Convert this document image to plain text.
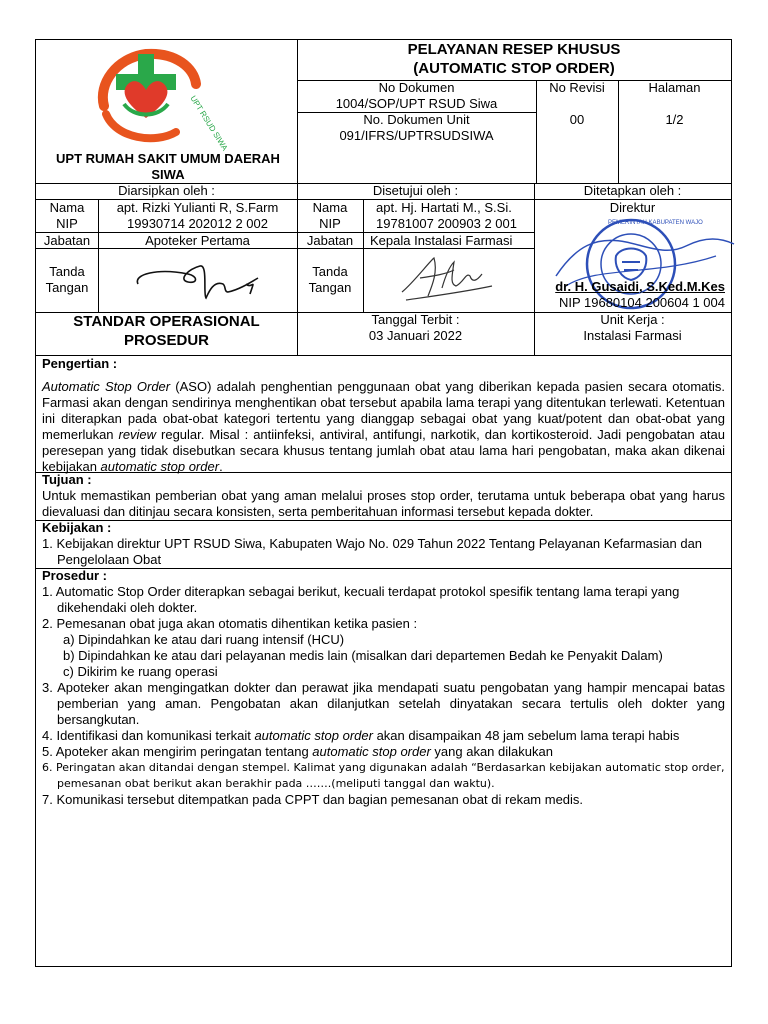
UPT RSUD SIWA
UPT RUMAH SAKIT UMUM DAERAH SIWA
PELAYANAN RESEP KHUSUS
(AUTOMATIC STOP ORDER)
No Dokumen
1004/SOP/UPT RSUD Siwa
No. Dokumen Unit
091/IFRS/UPTRSUDSIWA
No Revisi
00
Halaman
1/2
Diarsipkan oleh :	Disetujui oleh :	Ditetapkan oleh :
Nama
NIP
Jabatan
Tanda
Tangan
apt. Rizki Yulianti R, S.Farm
19930714 202012 2 002
Apoteker Pertama
Nama
NIP
Jabatan
Tanda
Tangan
apt. Hj. Hartati M., S.Si.
19781007 200903 2 001
Kepala Instalasi Farmasi
Direktur
PEMERINTAH KABUPATEN WAJO
dr. H. Gusaidi, S.Ked.M.Kes
NIP 19680104 200604 1 004
STANDAR OPERASIONAL
PROSEDUR
Tanggal Terbit :
03 Januari 2022
Unit Kerja :
Instalasi Farmasi
Pengertian :
Automatic Stop Order (ASO) adalah penghentian penggunaan obat yang diberikan kepada pasien secara otomatis. Farmasi akan dengan sendirinya menghentikan obat tersebut apabila lama terapi yang ditentukan terlewati. Ketentuan ini diterapkan pada obat-obat kategori tertentu yang dianggap sebagai obat yang kuat/potent dan obat-obat yang memerlukan review regular. Misal : antiinfeksi, antiviral, antifungi, narkotik, dan kortikosteroid. Jadi pengobatan atau peresepan yang tidak disebutkan secara khusus tentang jumlah obat atau lama hari pengobatan, maka akan dikenai kebijakan automatic stop order.
Tujuan :
Untuk memastikan pemberian obat yang aman melalui proses stop order, terutama untuk beberapa obat yang harus dievaluasi dan ditinjau secara konsisten, serta pemberitahuan informasi tersebut kepada dokter.
Kebijakan :
1. Kebijakan direktur UPT RSUD Siwa, Kabupaten Wajo No. 029 Tahun 2022 Tentang Pelayanan Kefarmasian dan Pengelolaan Obat
Prosedur :
1. Automatic Stop Order diterapkan sebagai berikut, kecuali terdapat protokol spesifik tentang lama terapi yang dikehendaki oleh dokter.
2. Pemesanan obat juga akan otomatis dihentikan ketika pasien :
a) Dipindahkan ke atau dari ruang intensif (HCU)
b) Dipindahkan ke atau dari pelayanan medis lain (misalkan dari departemen Bedah ke Penyakit Dalam)
c) Dikirim ke ruang operasi
3. Apoteker akan mengingatkan dokter dan perawat jika mendapati suatu pengobatan yang hampir mencapai batas pemberian yang aman. Pengobatan akan dilanjutkan setelah dinyatakan secara tertulis oleh dokter yang bersangkutan.
4. Identifikasi dan komunikasi terkait automatic stop order akan disampaikan 48 jam sebelum lama terapi habis
5. Apoteker akan mengirim peringatan tentang automatic stop order yang akan dilakukan
6. Peringatan akan ditandai dengan stempel. Kalimat yang digunakan adalah “Berdasarkan kebijakan automatic stop order, pemesanan obat berikut akan berakhir pada …….(meliputi tanggal dan waktu).
7. Komunikasi tersebut ditempatkan pada CPPT dan bagian pemesanan obat di rekam medis.
